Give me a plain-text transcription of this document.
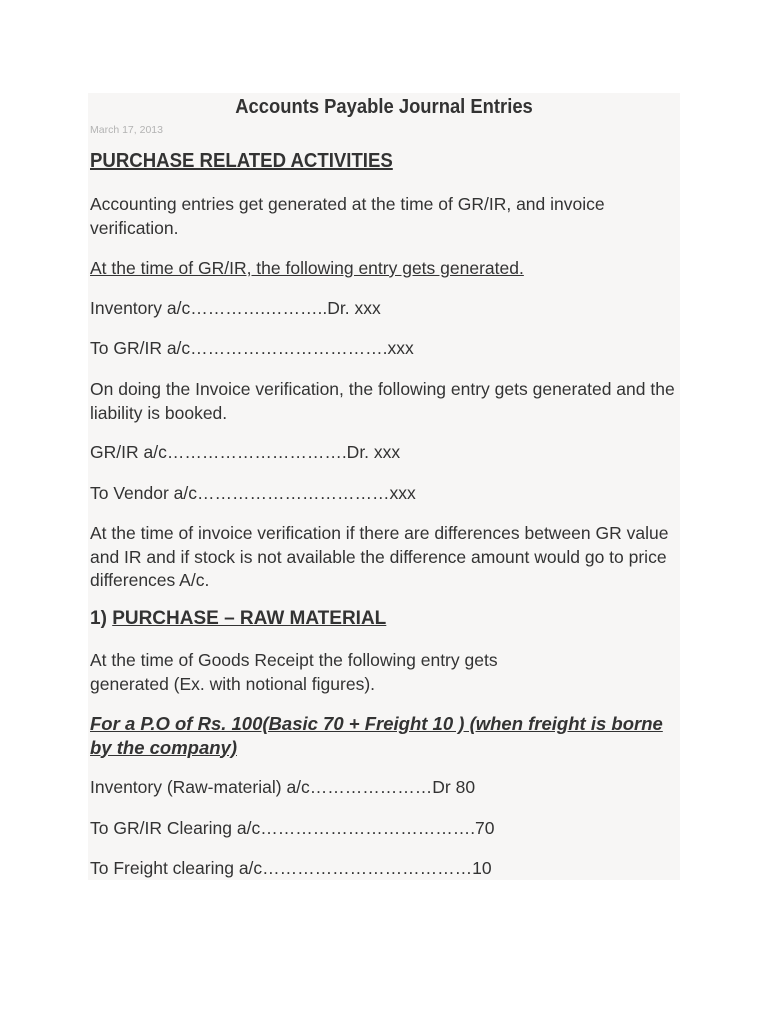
Accounts Payable Journal Entries
March 17, 2013
PURCHASE RELATED ACTIVITIES
Accounting entries get generated at the time of GR/IR, and invoice verification.
At the time of GR/IR, the following entry gets generated.
Inventory a/c………….………..Dr. xxx
To GR/IR a/c…………………………….xxx
On doing the Invoice verification, the following entry gets generated and the liability is booked.
GR/IR a/c………………………….Dr. xxx
To Vendor a/c……………………………xxx
At the time of invoice verification if there are differences between GR value and IR and if stock is not available the difference amount would go to price differences A/c.
1) PURCHASE – RAW MATERIAL
At the time of Goods Receipt the following entry gets generated (Ex. with notional figures).
For a P.O of Rs. 100(Basic 70 + Freight 10 ) (when freight is borne by the company)
Inventory (Raw-material) a/c…………………Dr 80
To GR/IR Clearing a/c……………………………….70
To Freight clearing a/c………………………………10
